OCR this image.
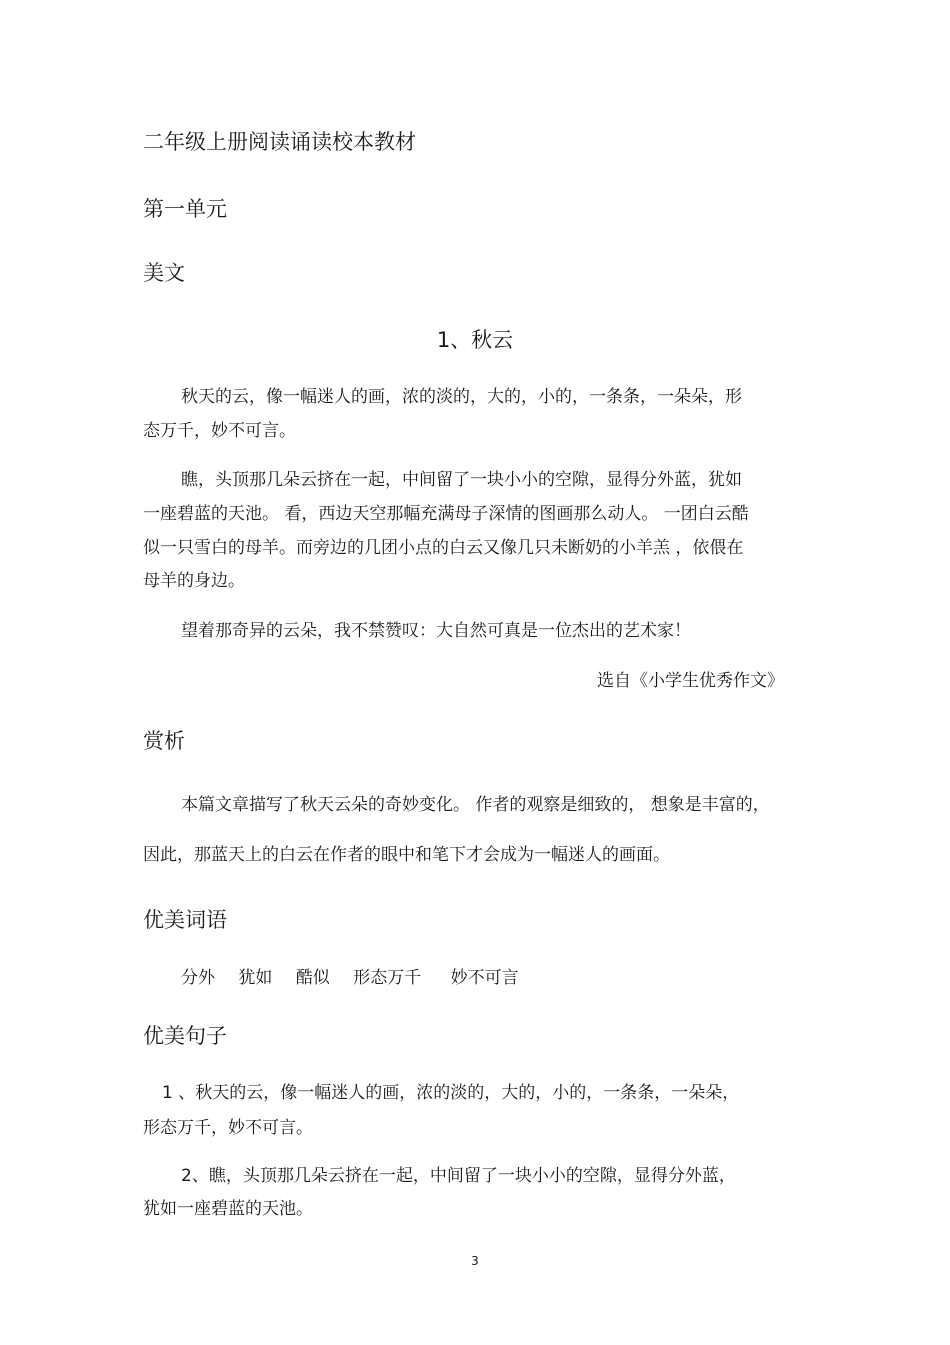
二年级上册阅读诵读校本教材

第一单元

美文

1、秋云

秋天的云，像一幅迷人的画，浓的淡的，大的，小的，一条条，一朵朵，形

态万千，妙不可言。

瞧，头顶那几朵云挤在一起，中间留了一块小小的空隙，显得分外蓝，犹如

一座碧蓝的天池。 看，西边天空那幅充满母子深情的图画那么动人。 一团白云酷

似一只雪白的母羊。而旁边的几团小点的白云又像几只未断奶的小羊羔 ，依偎在

母羊的身边。

望着那奇异的云朵，我不禁赞叹：大自然可真是一位杰出的艺术家！

选自《小学生优秀作文》

赏析

本篇文章描写了秋天云朵的奇妙变化。 作者的观察是细致的， 想象是丰富的，

因此，那蓝天上的白云在作者的眼中和笔下才会成为一幅迷人的画面。

优美词语

分外 犹如 酷似 形态万千 妙不可言

优美句子

1 、秋天的云，像一幅迷人的画，浓的淡的，大的，小的，一条条，一朵朵，

形态万千，妙不可言。

2、瞧，头顶那几朵云挤在一起，中间留了一块小小的空隙，显得分外蓝，

犹如一座碧蓝的天池。

3
